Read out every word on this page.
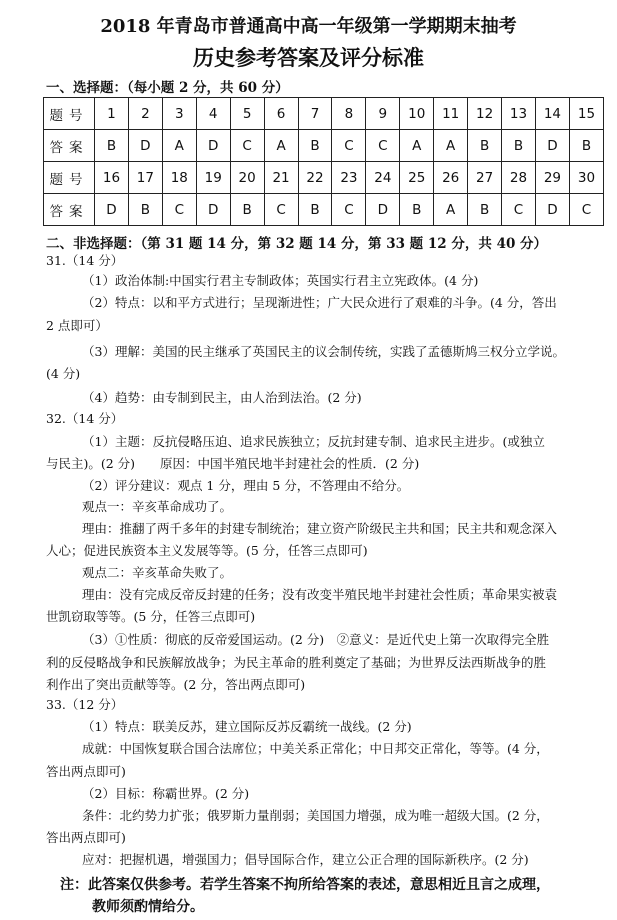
2018 年青岛市普通高中高一年级第一学期期末抽考
历史参考答案及评分标准
一、选择题：（每小题 2 分，共 60 分）
题号	1	2	3	4	5	6	7	8	9	10	11	12	13	14	15
答案	B	D	A	D	C	A	B	C	C	A	A	B	B	D	B
题号	16	17	18	19	20	21	22	23	24	25	26	27	28	29	30
答案	D	B	C	D	B	C	B	C	D	B	A	B	C	D	C
二、非选择题：（第 31 题 14 分，第 32 题 14 分，第 33 题 12 分，共 40 分）
31.（14 分）
（1）政治体制:中国实行君主专制政体；英国实行君主立宪政体。(4 分)
（2）特点：以和平方式进行；呈现渐进性；广大民众进行了艰难的斗争。(4 分，答出
2 点即可）
（3）理解：美国的民主继承了英国民主的议会制传统，实践了孟德斯鸠三权分立学说。
(4 分)
（4）趋势：由专制到民主，由人治到法治。(2 分)
32.（14 分）
（1）主题：反抗侵略压迫、追求民族独立；反抗封建专制、追求民主进步。(或独立
与民主)。(2 分)　　原因：中国半殖民地半封建社会的性质．(2 分)
（2）评分建议：观点 1 分，理由 5 分，不答理由不给分。
观点一：辛亥革命成功了。
理由：推翻了两千多年的封建专制统治；建立资产阶级民主共和国；民主共和观念深入
人心；促进民族资本主义发展等等。(5 分，任答三点即可)
观点二：辛亥革命失败了。
理由：没有完成反帝反封建的任务；没有改变半殖民地半封建社会性质；革命果实被袁
世凯窃取等等。(5 分，任答三点即可)
（3）①性质：彻底的反帝爱国运动。(2 分)　②意义：是近代史上第一次取得完全胜
利的反侵略战争和民族解放战争；为民主革命的胜利奠定了基础；为世界反法西斯战争的胜
利作出了突出贡献等等。(2 分，答出两点即可)
33.（12 分）
（1）特点：联美反苏，建立国际反苏反霸统一战线。(2 分)
成就：中国恢复联合国合法席位；中美关系正常化；中日邦交正常化，等等。(4 分，
答出两点即可)
（2）目标：称霸世界。(2 分)
条件：北约势力扩张；俄罗斯力量削弱；美国国力增强，成为唯一超级大国。(2 分，
答出两点即可)
应对：把握机遇，增强国力；倡导国际合作，建立公正合理的国际新秩序。(2 分)
注：此答案仅供参考。若学生答案不拘所给答案的表述，意思相近且言之成理，
教师须酌情给分。
